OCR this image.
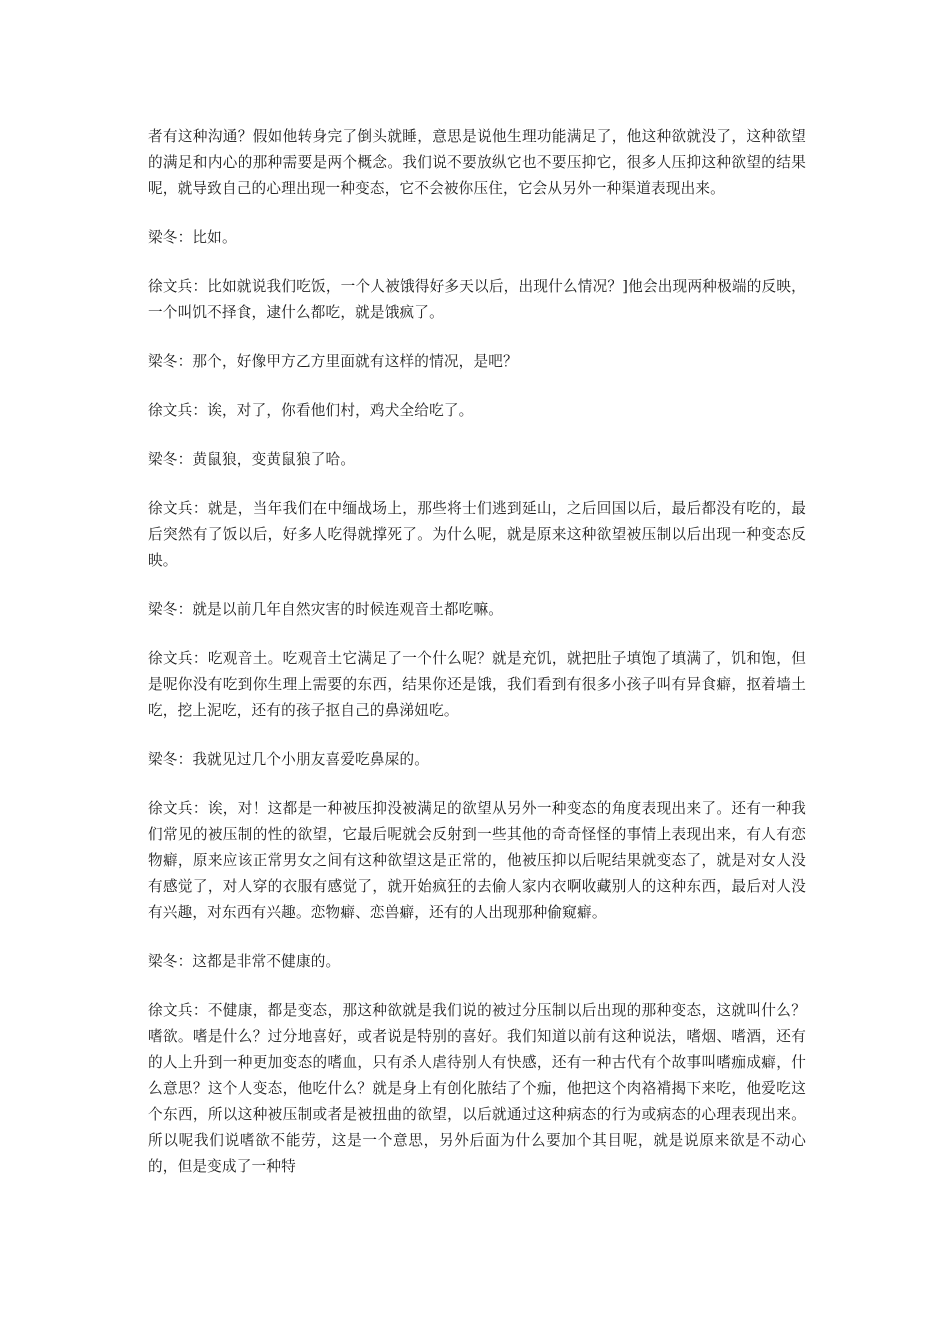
者有这种沟通？假如他转身完了倒头就睡，意思是说他生理功能满足了，他这种欲就没了，这种欲望的满足和内心的那种需要是两个概念。我们说不要放纵它也不要压抑它，很多人压抑这种欲望的结果呢，就导致自己的心理出现一种变态，它不会被你压住，它会从另外一种渠道表现出来。

梁冬：比如。

徐文兵：比如就说我们吃饭，一个人被饿得好多天以后，出现什么情况？]他会出现两种极端的反映，一个叫饥不择食，逮什么都吃，就是饿疯了。

梁冬：那个，好像甲方乙方里面就有这样的情况，是吧？

徐文兵：诶，对了，你看他们村，鸡犬全给吃了。

梁冬：黄鼠狼，变黄鼠狼了哈。

徐文兵：就是，当年我们在中缅战场上，那些将士们逃到延山，之后回国以后，最后都没有吃的，最后突然有了饭以后，好多人吃得就撑死了。为什么呢，就是原来这种欲望被压制以后出现一种变态反映。

梁冬：就是以前几年自然灾害的时候连观音土都吃嘛。

徐文兵：吃观音土。吃观音土它满足了一个什么呢？就是充饥，就把肚子填饱了填满了，饥和饱，但是呢你没有吃到你生理上需要的东西，结果你还是饿，我们看到有很多小孩子叫有异食癖，抠着墙土吃，挖上泥吃，还有的孩子抠自己的鼻涕妞吃。

梁冬：我就见过几个小朋友喜爱吃鼻屎的。

徐文兵：诶，对！这都是一种被压抑没被满足的欲望从另外一种变态的角度表现出来了。还有一种我们常见的被压制的性的欲望，它最后呢就会反射到一些其他的奇奇怪怪的事情上表现出来，有人有恋物癖，原来应该正常男女之间有这种欲望这是正常的，他被压抑以后呢结果就变态了，就是对女人没有感觉了，对人穿的衣服有感觉了，就开始疯狂的去偷人家内衣啊收藏别人的这种东西，最后对人没有兴趣，对东西有兴趣。恋物癖、恋兽癖，还有的人出现那种偷窥癖。

梁冬：这都是非常不健康的。

徐文兵：不健康，都是变态，那这种欲就是我们说的被过分压制以后出现的那种变态，这就叫什么？嗜欲。嗜是什么？过分地喜好，或者说是特别的喜好。我们知道以前有这种说法，嗜烟、嗜酒，还有的人上升到一种更加变态的嗜血，只有杀人虐待别人有快感，还有一种古代有个故事叫嗜痂成癖，什么意思？这个人变态，他吃什么？就是身上有创化脓结了个痂，他把这个肉袼褙揭下来吃，他爱吃这个东西，所以这种被压制或者是被扭曲的欲望，以后就通过这种病态的行为或病态的心理表现出来。所以呢我们说嗜欲不能劳，这是一个意思，另外后面为什么要加个其目呢，就是说原来欲是不动心的，但是变成了一种特
